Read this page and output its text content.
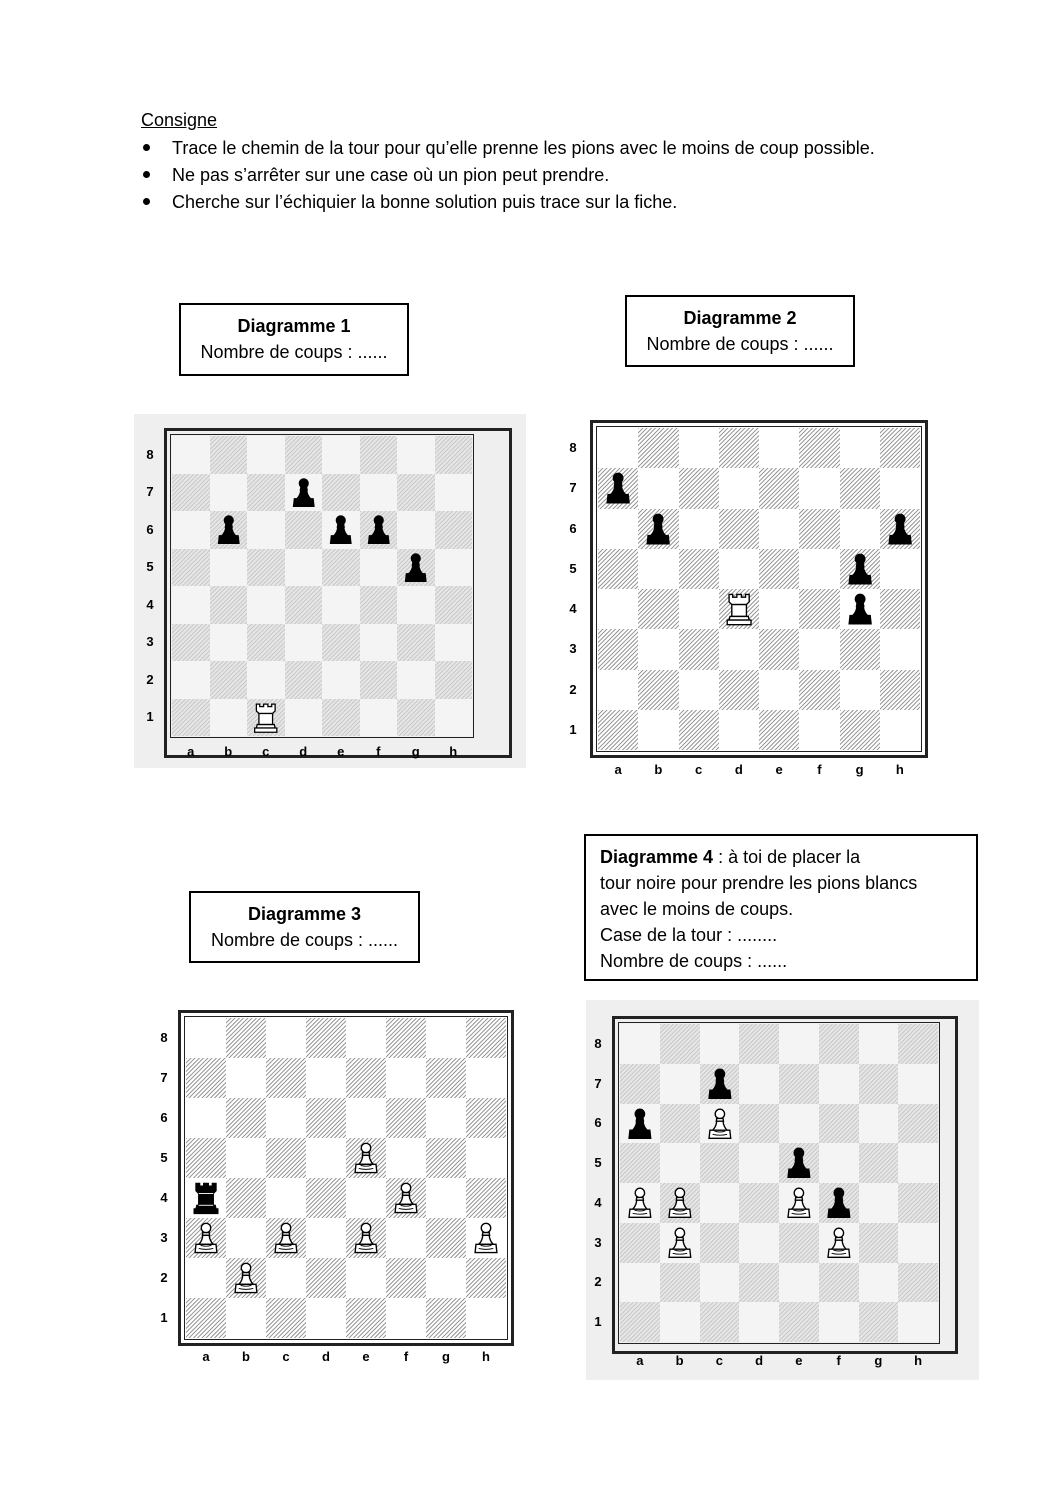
Consigne
Trace le chemin de la tour pour qu’elle prenne les pions avec le moins de coup possible.
Ne pas s’arrêter sur une case où un pion peut prendre.
Cherche sur l’échiquier la bonne solution puis trace sur la fiche.
Diagramme 1
Nombre de coups : ......
Diagramme 2
Nombre de coups : ......
Diagramme 3
Nombre de coups : ......
Diagramme 4 : à toi de placer la
tour noire pour prendre les pions blancs
avec le moins de coups.
Case de la tour : ........
Nombre de coups : ......
8
7
6
5
4
3
2
1
a b c d e	f	g h
8
7
6
5
4
3
2
1
a	b	c	d	e	f	g h
8
7
6
5
4
3
2
1
a b c d e	f	g h
8
7
6
5
4
3
2
1
a b c d e	f	g h
